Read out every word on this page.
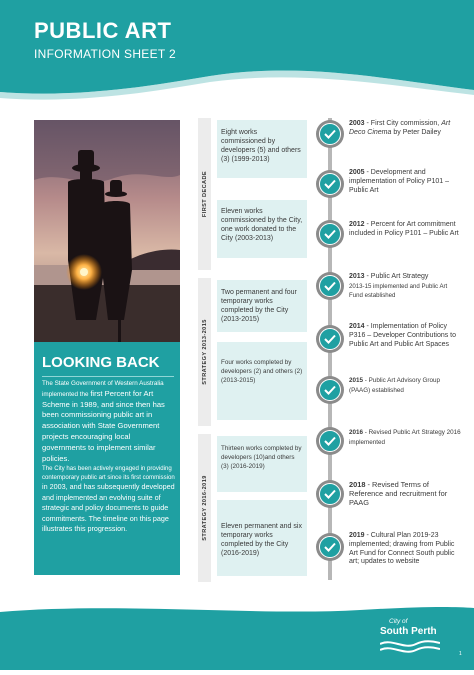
PUBLIC ART
INFORMATION SHEET 2
LOOKING BACK
The State Government of Western Australia implemented the first Percent for Art Scheme in 1989, and since then has been commissioning public art in association with State Government projects encouraging local governments to implement similar policies.
The City has been actively engaged in providing contemporary public art since its first commission in 2003, and has subsequently developed and implemented an evolving suite of strategic and policy documents to guide commitments. The timeline on this page illustrates this progression.
FIRST DECADE
STRATEGY 2013-2015
STRATEGY 2016-2019
Eight works commissioned by developers (5) and others (3) (1999-2013)
Eleven works commissioned by the City, one work donated to the City (2003-2013)
Two permanent and four temporary works completed by the City (2013-2015)
Four works completed by developers (2) and others (2) (2013-2015)
Thirteen works completed by developers (10)and others (3) (2016-2019)
Eleven permanent and six temporary works completed by the City (2016-2019)
2003 - First City commission, Art Deco Cinema by Peter Dailey
2005 - Development and implementation of Policy P101 – Public Art
2012 - Percent for Art commitment included in Policy P101 – Public Art
2013 - Public Art Strategy
2013-15 implemented and Public Art Fund established
2014 - Implementation of Policy P316 – Developer Contributions to Public Art and Public Art Spaces
2015 - Public Art Advisory Group (PAAG) established
2016 - Revised Public Art Strategy 2016 implemented
2018 - Revised Terms of Reference and recruitment for PAAG
2019 - Cultural Plan 2019-23 implemented; drawing from Public Art Fund for Connect South public art; updates to website
City of
South Perth
1
